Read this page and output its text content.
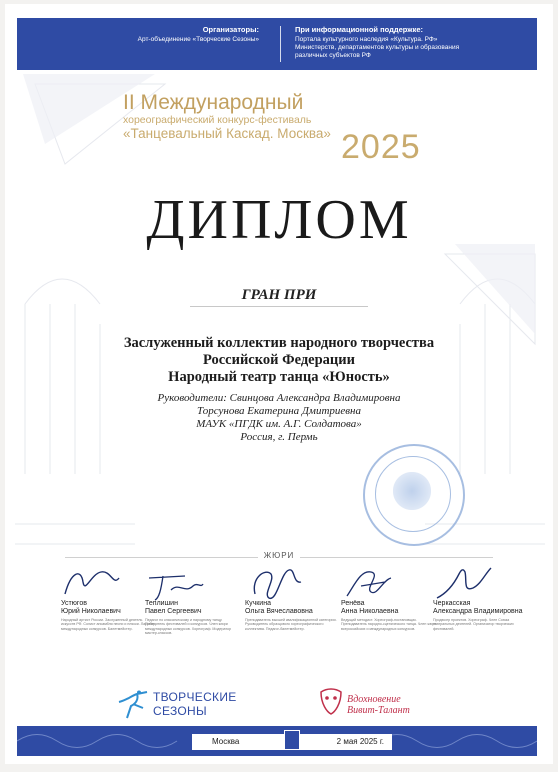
Организаторы:
Арт-объединение «Творческие Сезоны»
При информационной поддержке:
Портала культурного наследия «Культура. РФ»
Министерств, департаментов культуры и образования
различных субъектов РФ
II Международный
хореографический конкурс-фестиваль
«Танцевальный Каскад. Москва» 2025
ДИПЛОМ
ГРАН ПРИ
Заслуженный коллектив народного творчества
Российской Федерации
Народный театр танца «Юность»
Руководители: Свинцова Александра Владимировна
Торсунова Екатерина Дмитриевна
МАУК «ПГДК им. А.Г. Солдатова»
Россия, г. Пермь
ЖЮРИ
Устюгов
Юрий Николаевич
Народный артист России. Заслуженный деятель искусств РФ. Солист ансамбля песни и пляски. Лауреат международных конкурсов. Балетмейстер.
Теплишин
Павел Сергеевич
Педагог по классическому и народному танцу. Победитель фестивалей и конкурсов. Член жюри международных конкурсов. Хореограф. Модератор мастер-классов.
Кучкина
Ольга Вячеславовна
Преподаватель высшей квалификационной категории. Руководитель образцового хореографического коллектива. Педагог-балетмейстер.
Ренёва
Анна Николаевна
Ведущий методист. Хореограф-постановщик. Преподаватель народно-сценического танца. Член жюри всероссийских и международных конкурсов.
Черкасская
Александра Владимировна
Продюсер проектов. Хореограф. Член Союза театральных деятелей. Организатор творческих фестивалей.
ТВОРЧЕСКИЕ
СЕЗОНЫ
Вдохновение
Вивит-Талант
Москва	2 мая 2025 г.
